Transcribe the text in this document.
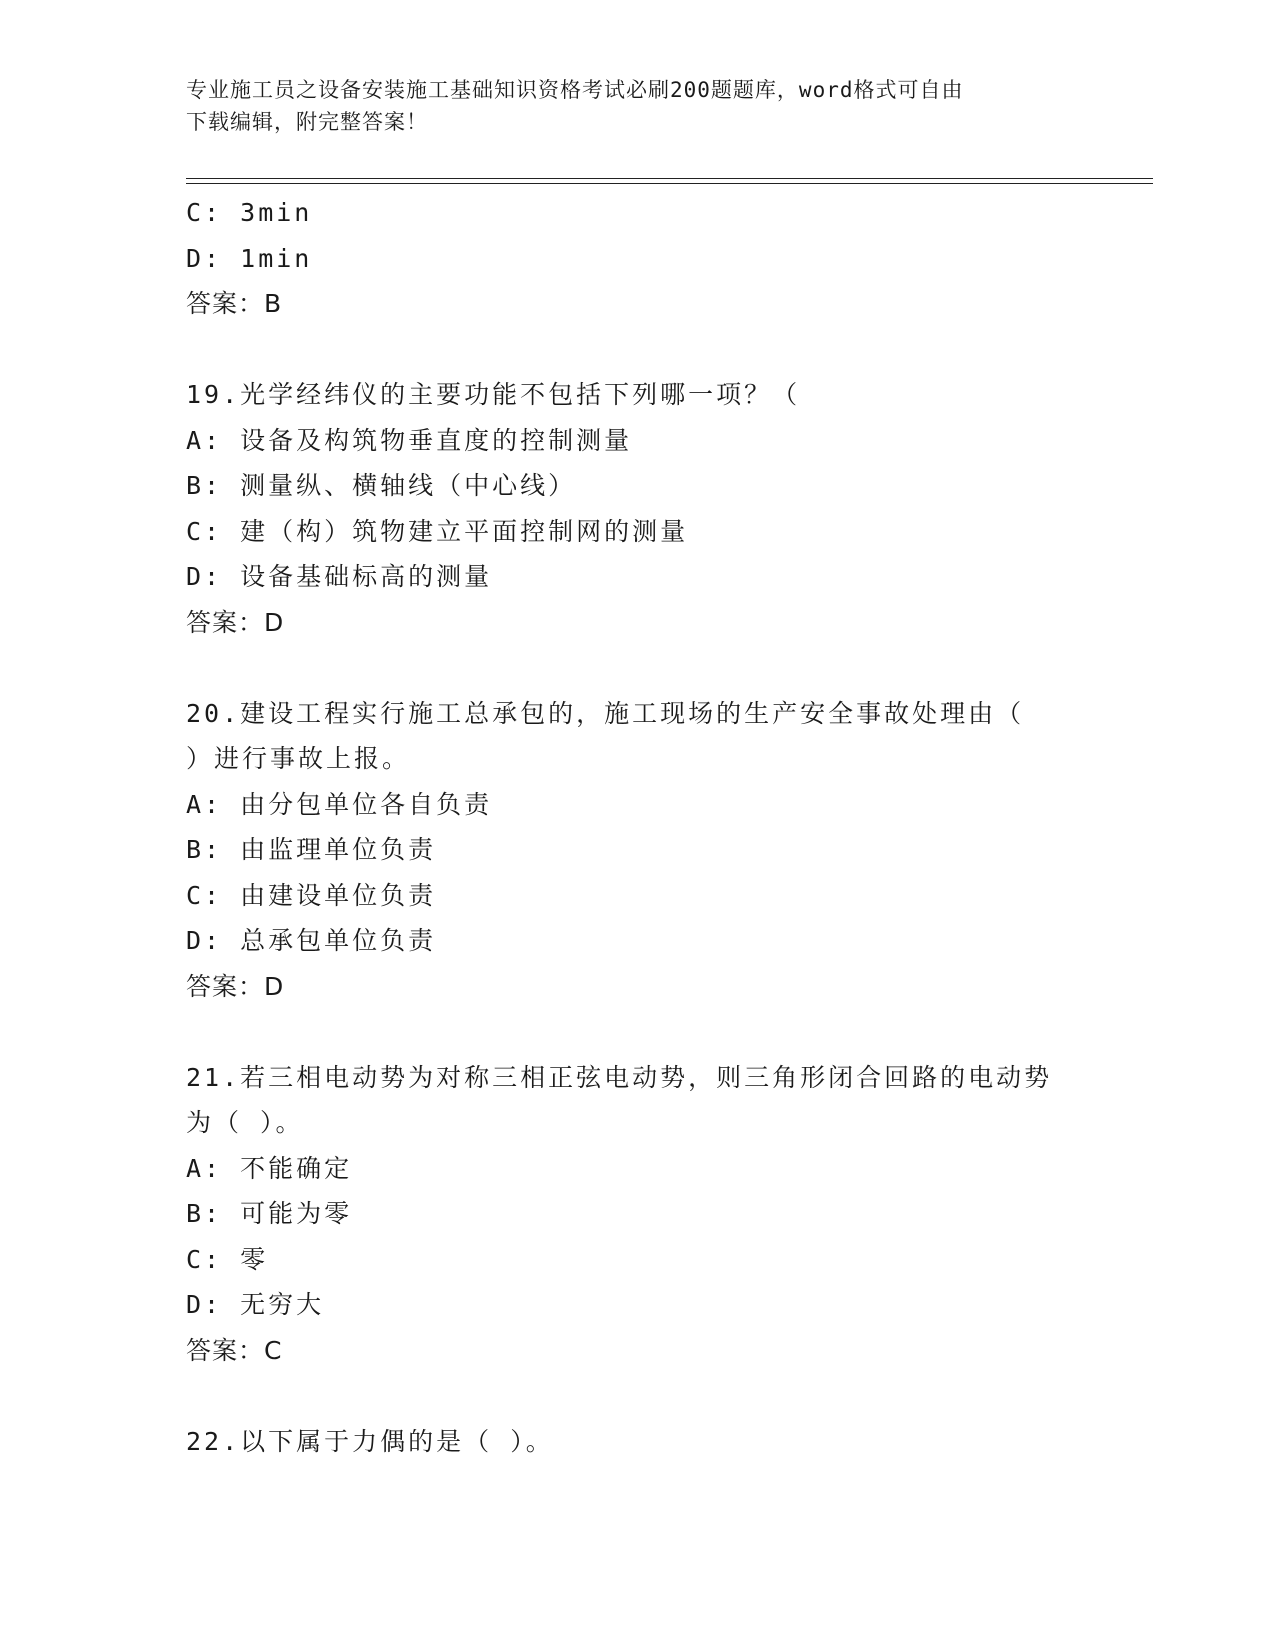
专业施工员之设备安装施工基础知识资格考试必刷200题题库，word格式可自由
下载编辑，附完整答案！
C: 3min
D: 1min
答案：B
19.光学经纬仪的主要功能不包括下列哪一项？（
A: 设备及构筑物垂直度的控制测量
B: 测量纵、横轴线（中心线）
C: 建（构）筑物建立平面控制网的测量
D: 设备基础标高的测量
答案：D
20.建设工程实行施工总承包的，施工现场的生产安全事故处理由（
）进行事故上报。
A: 由分包单位各自负责
B: 由监理单位负责
C: 由建设单位负责
D: 总承包单位负责
答案：D
21.若三相电动势为对称三相正弦电动势，则三角形闭合回路的电动势
为（ ）。
A: 不能确定
B: 可能为零
C: 零
D: 无穷大
答案：C
22.以下属于力偶的是（ ）。
